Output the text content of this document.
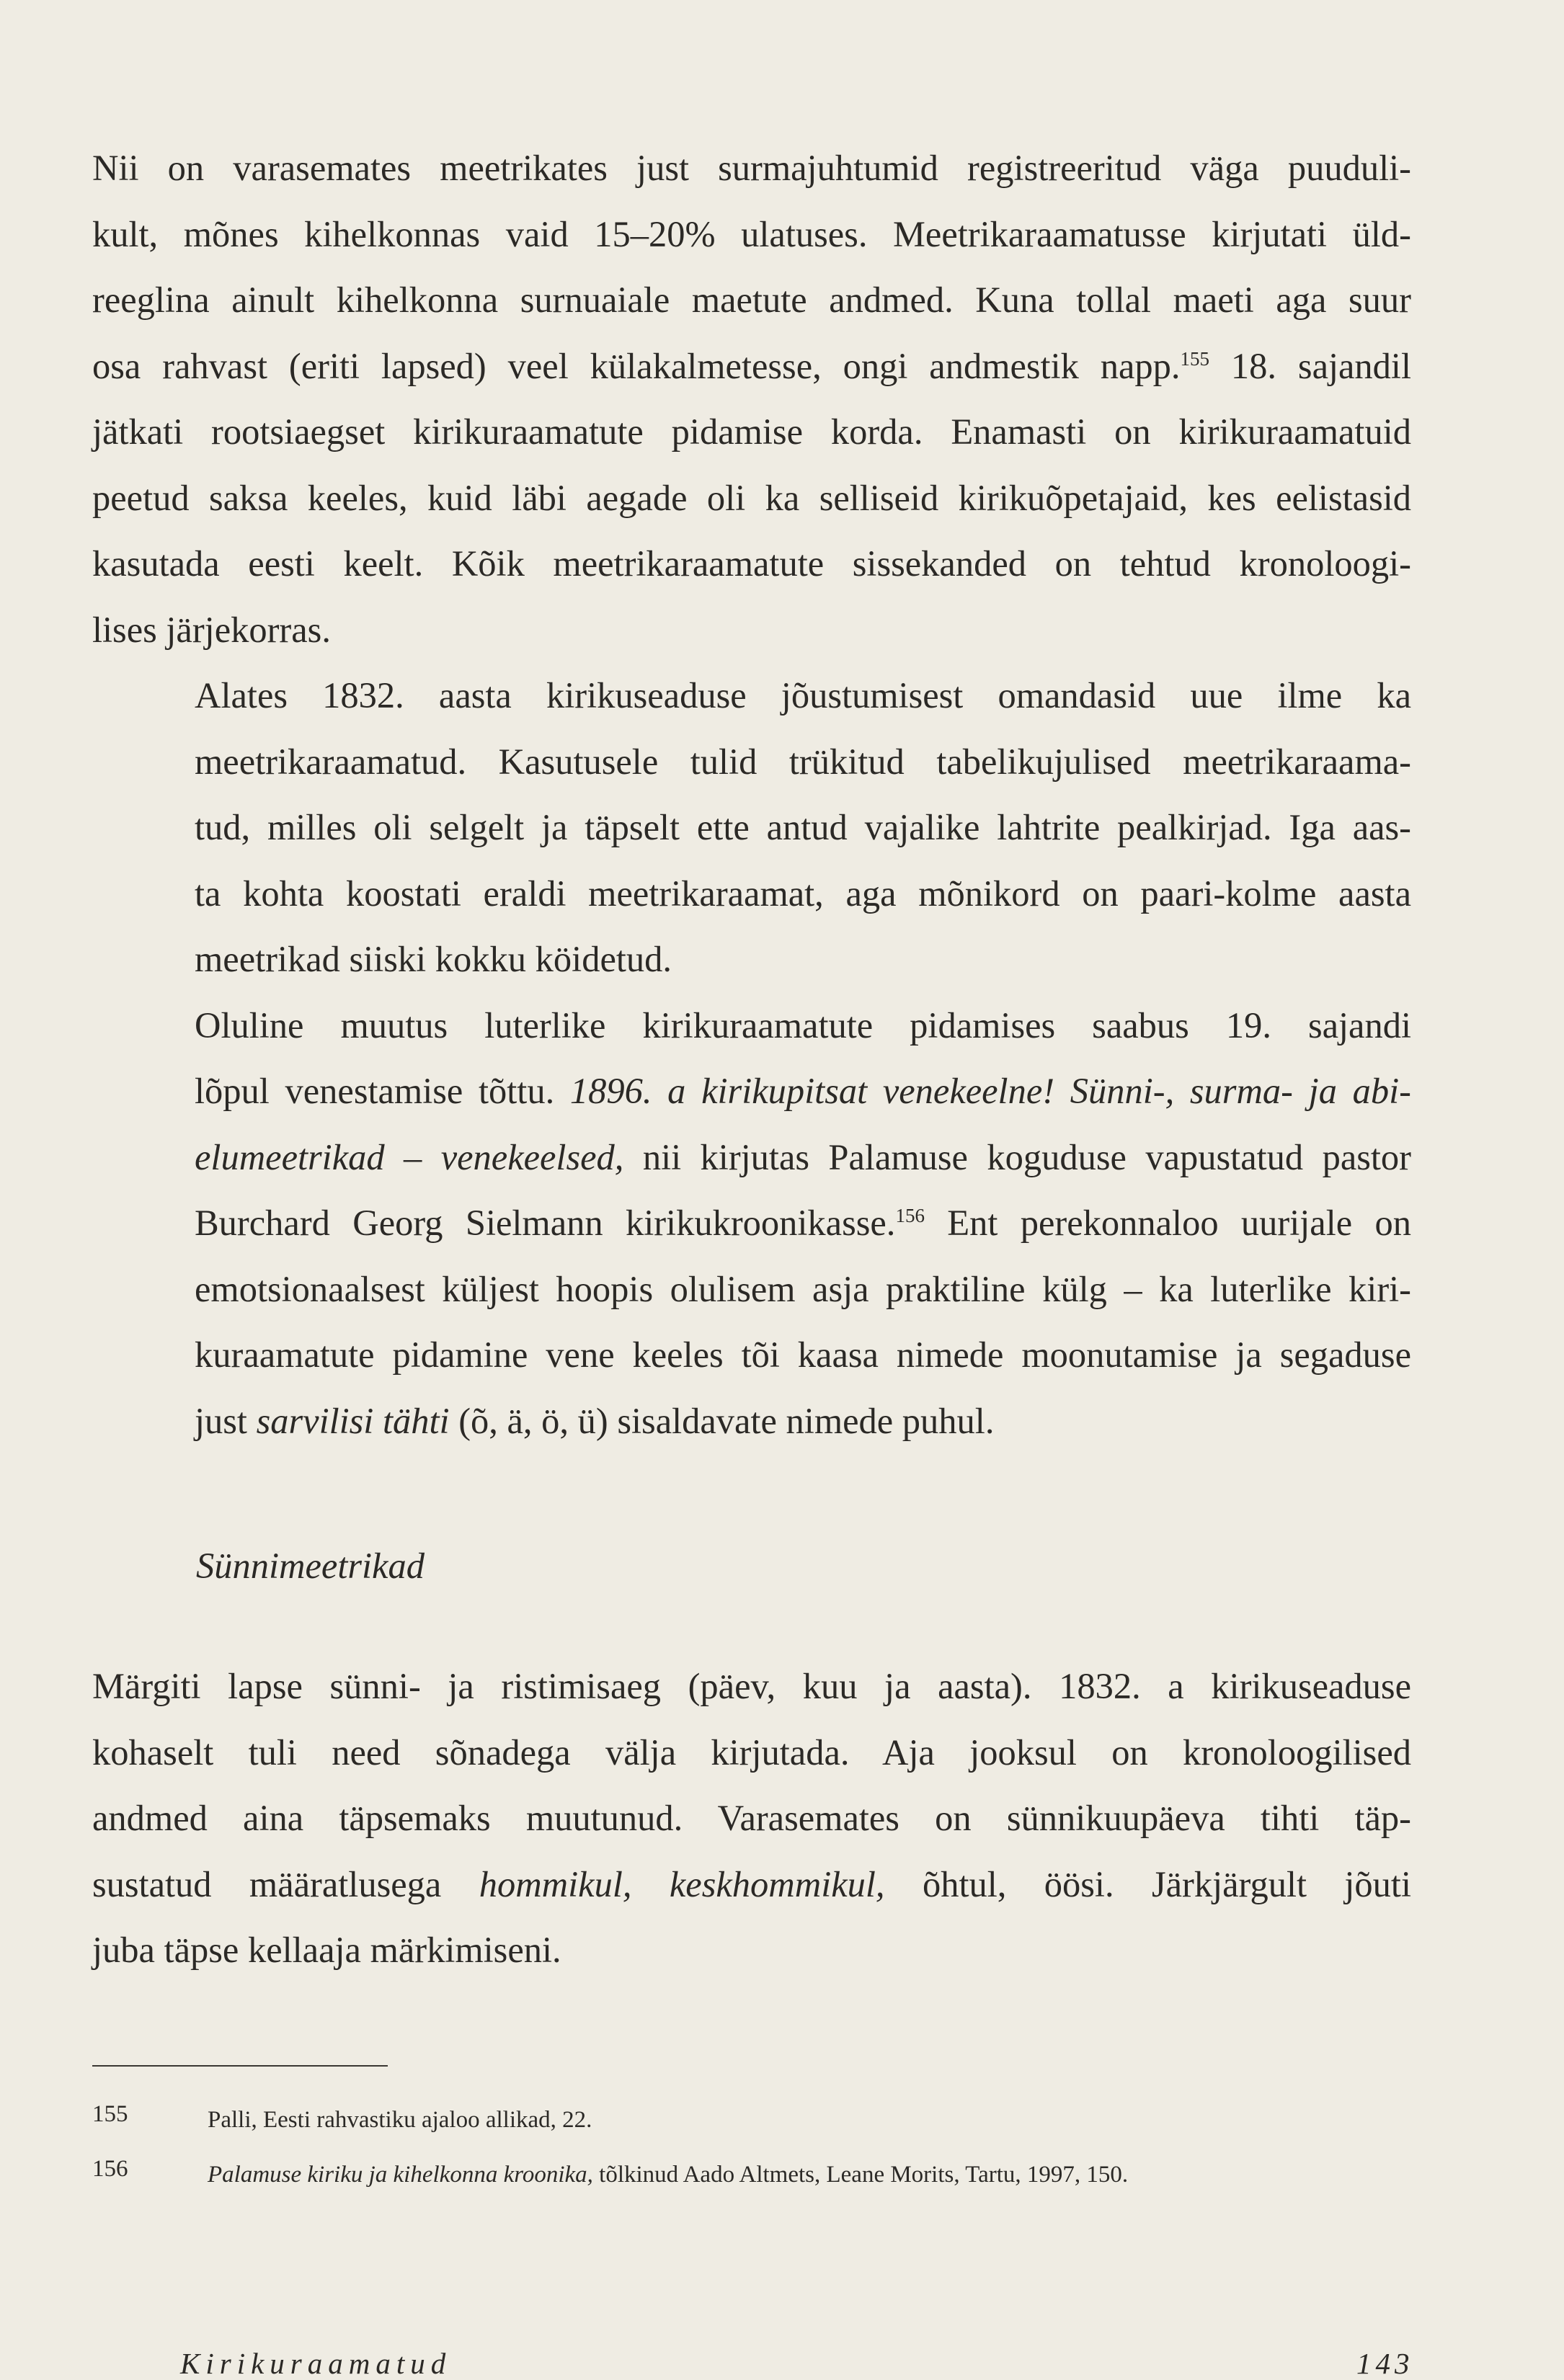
Nii on varasemates meetrikates just surmajuhtumid registreeritud väga puuduli-
kult, mõnes kihelkonnas vaid 15–20% ulatuses. Meetrikaraamatusse kirjutati üld-
reeglina ainult kihelkonna surnuaiale maetute andmed. Kuna tollal maeti aga suur
osa rahvast (eriti lapsed) veel külakalmetesse, ongi andmestik napp.$^{155}$ 18. sajandil
jätkati rootsiaegset kirikuraamatute pidamise korda. Enamasti on kirikuraamatuid
peetud saksa keeles, kuid läbi aegade oli ka selliseid kirikuõpetajaid, kes eelistasid
kasutada eesti keelt. Kõik meetrikaraamatute sissekanded on tehtud kronoloogi-
lises järjekorras.

Alates 1832. aasta kirikuseaduse jõustumisest omandasid uue ilme ka
meetrikaraamatud. Kasutusele tulid trükitud tabelikujulised meetrikaraama-
tud, milles oli selgelt ja täpselt ette antud vajalike lahtrite pealkirjad. Iga aas-
ta kohta koostati eraldi meetrikaraamat, aga mõnikord on paari-kolme aasta
meetrikad siiski kokku köidetud.

Oluline muutus luterlike kirikuraamatute pidamises saabus 19. sajandi
lõpul venestamise tõttu. 1896. a kirikupitsat venekeelne! Sünni-, surma- ja abi-
elumeetrikad – venekeelsed, nii kirjutas Palamuse koguduse vapustatud pastor
Burchard Georg Sielmann kirikukroonikasse.$^{156}$ Ent perekonnaloo uurijale on
emotsionaalsest küljest hoopis olulisem asja praktiline külg – ka luterlike kiri-
kuraamatute pidamine vene keeles tõi kaasa nimede moonutamise ja segaduse
just sarvilisi tähti (õ, ä, ö, ü) sisaldavate nimede puhul.

Sünnimeetrikad

Märgiti lapse sünni- ja ristimisaeg (päev, kuu ja aasta). 1832. a kirikuseaduse
kohaselt tuli need sõnadega välja kirjutada. Aja jooksul on kronoloogilised
andmed aina täpsemaks muutunud. Varasemates on sünnikuupäeva tihti täp-
sustatud määratlusega hommikul, keskhommikul, õhtul, öösi. Järkjärgult jõuti
juba täpse kellaaja märkimiseni.

155	Palli, Eesti rahvastiku ajaloo allikad, 22.
156	Palamuse kiriku ja kihelkonna kroonika, tõlkinud Aado Altmets, Leane Morits, Tartu, 1997, 150.
Kirikuraamatud	143
